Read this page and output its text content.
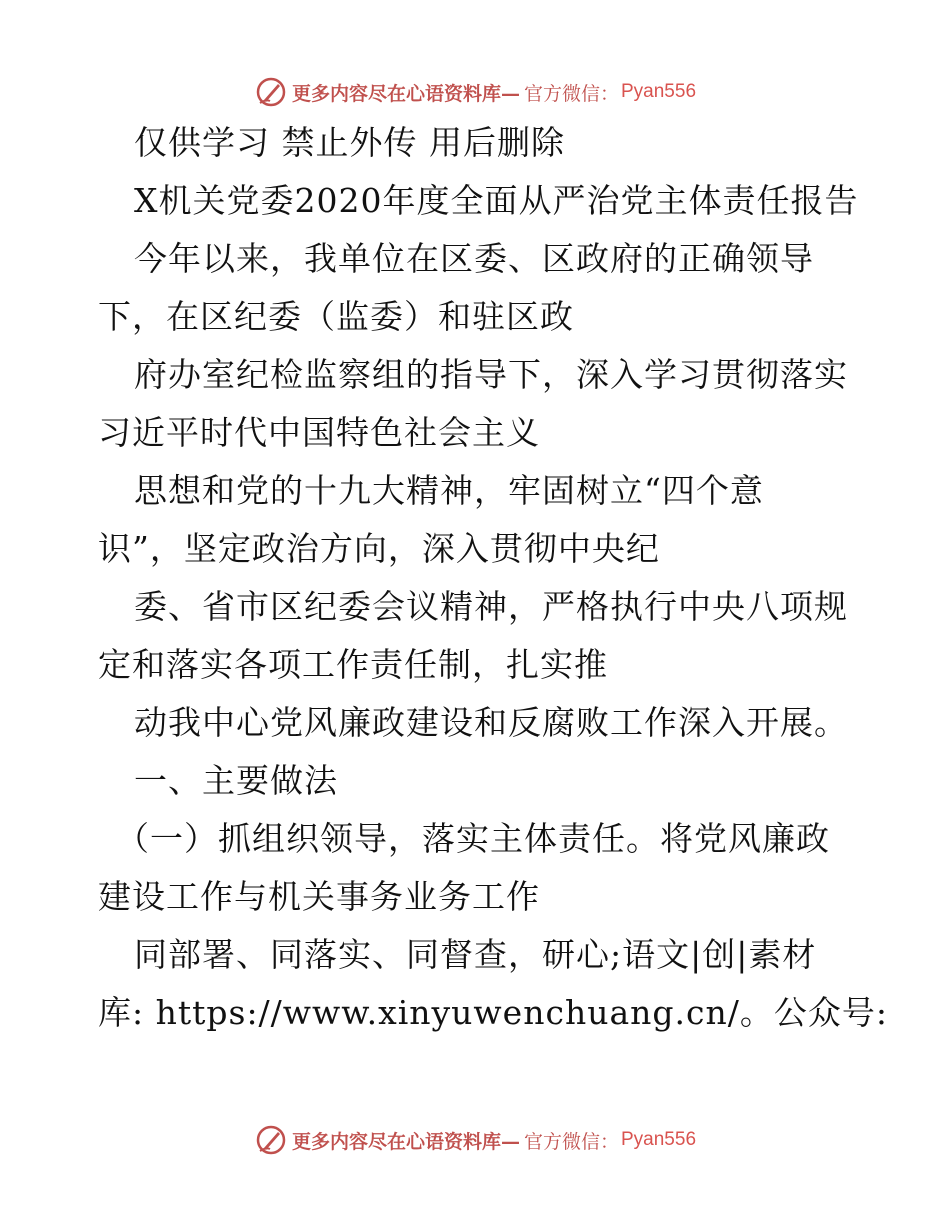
更多内容尽在心语资料库— 官方微信： Pyan556
仅供学习 禁止外传 用后删除
X机关党委2020年度全面从严治党主体责任报告
今年以来，我单位在区委、区政府的正确领导
下，在区纪委（监委）和驻区政
府办室纪检监察组的指导下，深入学习贯彻落实
习近平时代中国特色社会主义
思想和党的十九大精神，牢固树立“四个意
识”，坚定政治方向，深入贯彻中央纪
委、省市区纪委会议精神，严格执行中央八项规
定和落实各项工作责任制，扎实推
动我中心党风廉政建设和反腐败工作深入开展。
一、主要做法
（一）抓组织领导，落实主体责任。将党风廉政
建设工作与机关事务业务工作
同部署、同落实、同督查，研心;语文|创|素材
库: https://www.xinyuwenchuang.cn/。公众号:
更多内容尽在心语资料库— 官方微信： Pyan556
